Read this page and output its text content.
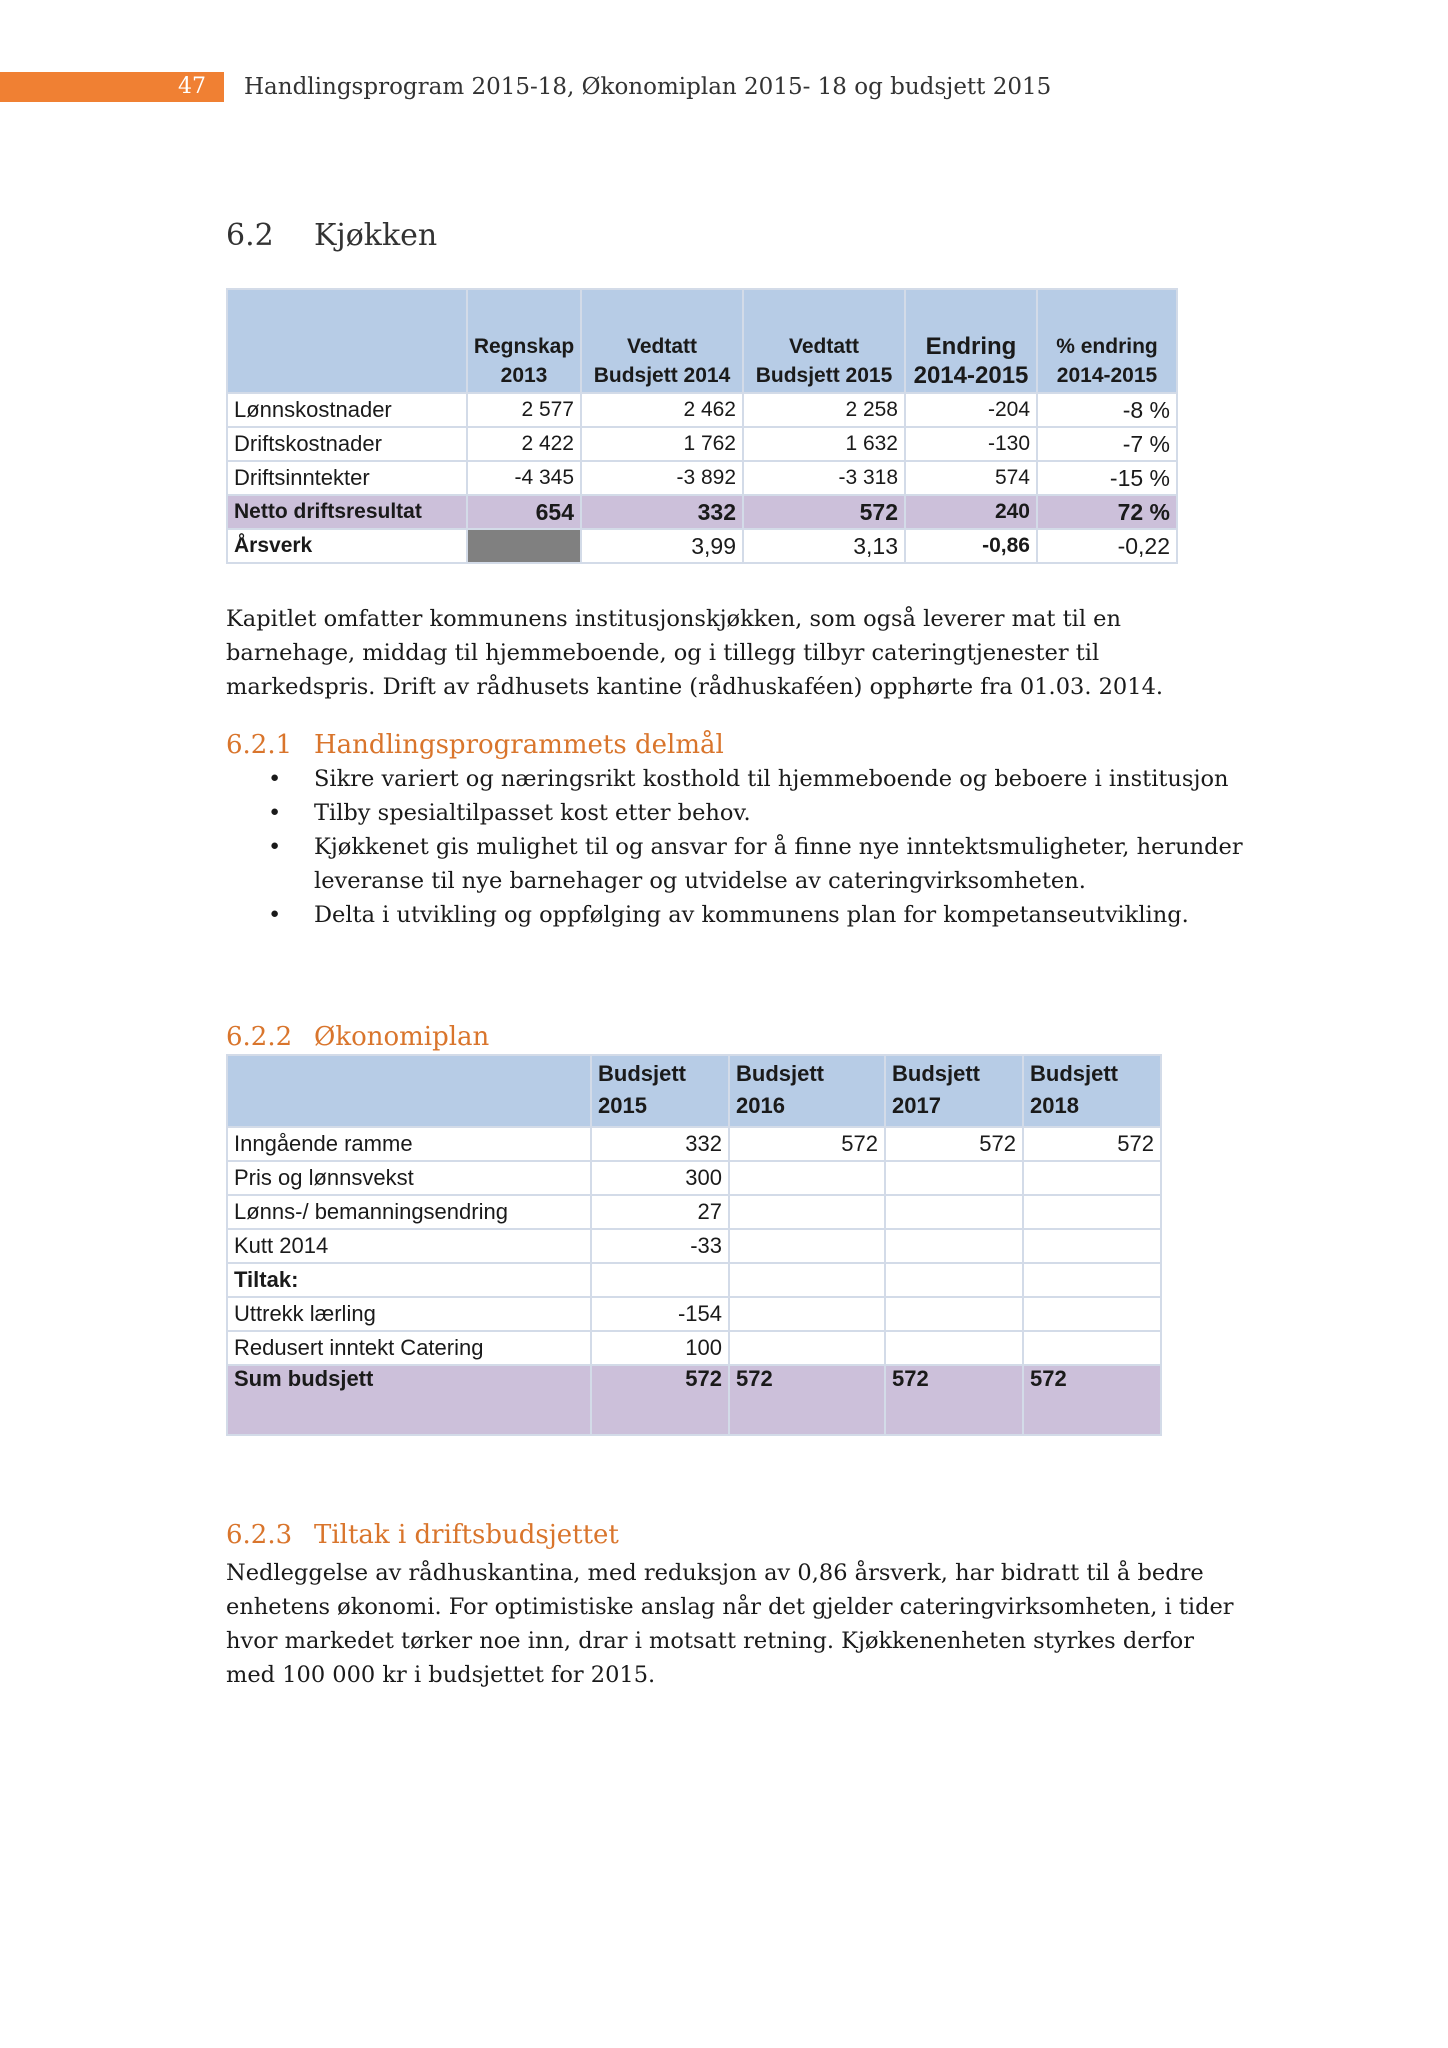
47	Handlingsprogram 2015-18, Økonomiplan 2015- 18 og budsjett 2015
6.2 Kjøkken
	Regnskap 2013	Vedtatt Budsjett 2014	Vedtatt Budsjett 2015	Endring 2014-2015	% endring 2014-2015
Lønnskostnader	2 577	2 462	2 258	-204	-8 %
Driftskostnader	2 422	1 762	1 632	-130	-7 %
Driftsinntekter	-4 345	-3 892	-3 318	574	-15 %
Netto driftsresultat	654	332	572	240	72 %
Årsverk		3,99	3,13	-0,86	-0,22
Kapitlet omfatter kommunens institusjonskjøkken, som også leverer mat til en barnehage, middag til hjemmeboende, og i tillegg tilbyr cateringtjenester til markedspris. Drift av rådhusets kantine (rådhuskaféen) opphørte fra 01.03. 2014.
6.2.1 Handlingsprogrammets delmål
• Sikre variert og næringsrikt kosthold til hjemmeboende og beboere i institusjon
• Tilby spesialtilpasset kost etter behov.
• Kjøkkenet gis mulighet til og ansvar for å finne nye inntektsmuligheter, herunder leveranse til nye barnehager og utvidelse av cateringvirksomheten.
• Delta i utvikling og oppfølging av kommunens plan for kompetanseutvikling.
6.2.2 Økonomiplan
	Budsjett 2015	Budsjett 2016	Budsjett 2017	Budsjett 2018
Inngående ramme	332	572	572	572
Pris og lønnsvekst	300			
Lønns-/ bemanningsendring	27			
Kutt 2014	-33			
Tiltak:				
Uttrekk lærling	-154			
Redusert inntekt Catering	100			
Sum budsjett	572	572	572	572
6.2.3 Tiltak i driftsbudsjettet
Nedleggelse av rådhuskantina, med reduksjon av 0,86 årsverk, har bidratt til å bedre enhetens økonomi. For optimistiske anslag når det gjelder cateringvirksomheten, i tider hvor markedet tørker noe inn, drar i motsatt retning. Kjøkkenenheten styrkes derfor med 100 000 kr i budsjettet for 2015.
